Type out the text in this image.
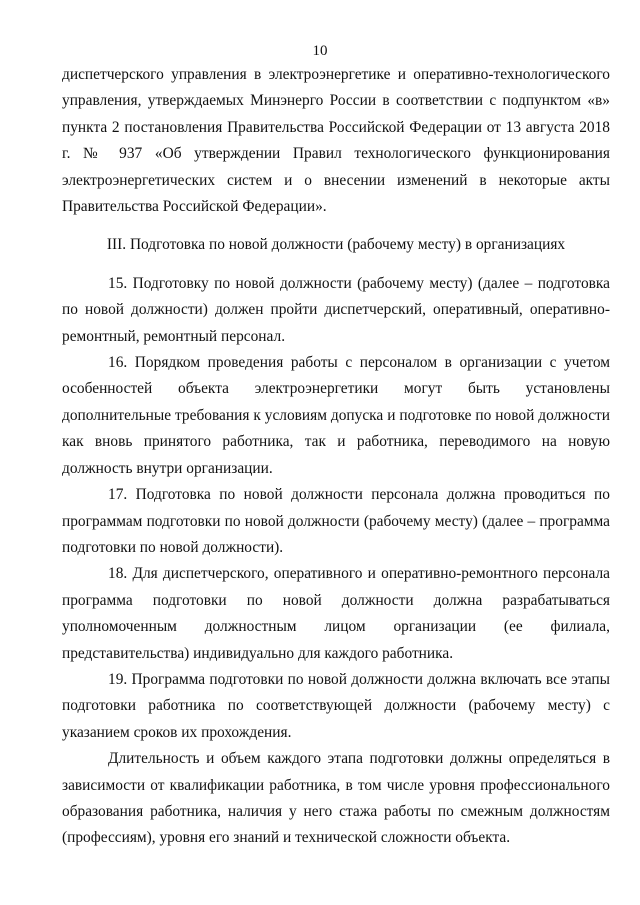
10

диспетчерского управления в электроэнергетике и оперативно-технологического управления, утверждаемых Минэнерго России в соответствии с подпунктом «в» пункта 2 постановления Правительства Российской Федерации от 13 августа 2018 г. № 937 «Об утверждении Правил технологического функционирования электроэнергетических систем и о внесении изменений в некоторые акты Правительства Российской Федерации».

III. Подготовка по новой должности (рабочему месту) в организациях

15. Подготовку по новой должности (рабочему месту) (далее – подготовка по новой должности) должен пройти диспетчерский, оперативный, оперативно-ремонтный, ремонтный персонал.

16. Порядком проведения работы с персоналом в организации с учетом особенностей объекта электроэнергетики могут быть установлены дополнительные требования к условиям допуска и подготовке по новой должности как вновь принятого работника, так и работника, переводимого на новую должность внутри организации.

17. Подготовка по новой должности персонала должна проводиться по программам подготовки по новой должности (рабочему месту) (далее – программа подготовки по новой должности).

18. Для диспетчерского, оперативного и оперативно-ремонтного персонала программа подготовки по новой должности должна разрабатываться уполномоченным должностным лицом организации (ее филиала, представительства) индивидуально для каждого работника.

19. Программа подготовки по новой должности должна включать все этапы подготовки работника по соответствующей должности (рабочему месту) с указанием сроков их прохождения.

Длительность и объем каждого этапа подготовки должны определяться в зависимости от квалификации работника, в том числе уровня профессионального образования работника, наличия у него стажа работы по смежным должностям (профессиям), уровня его знаний и технической сложности объекта.
